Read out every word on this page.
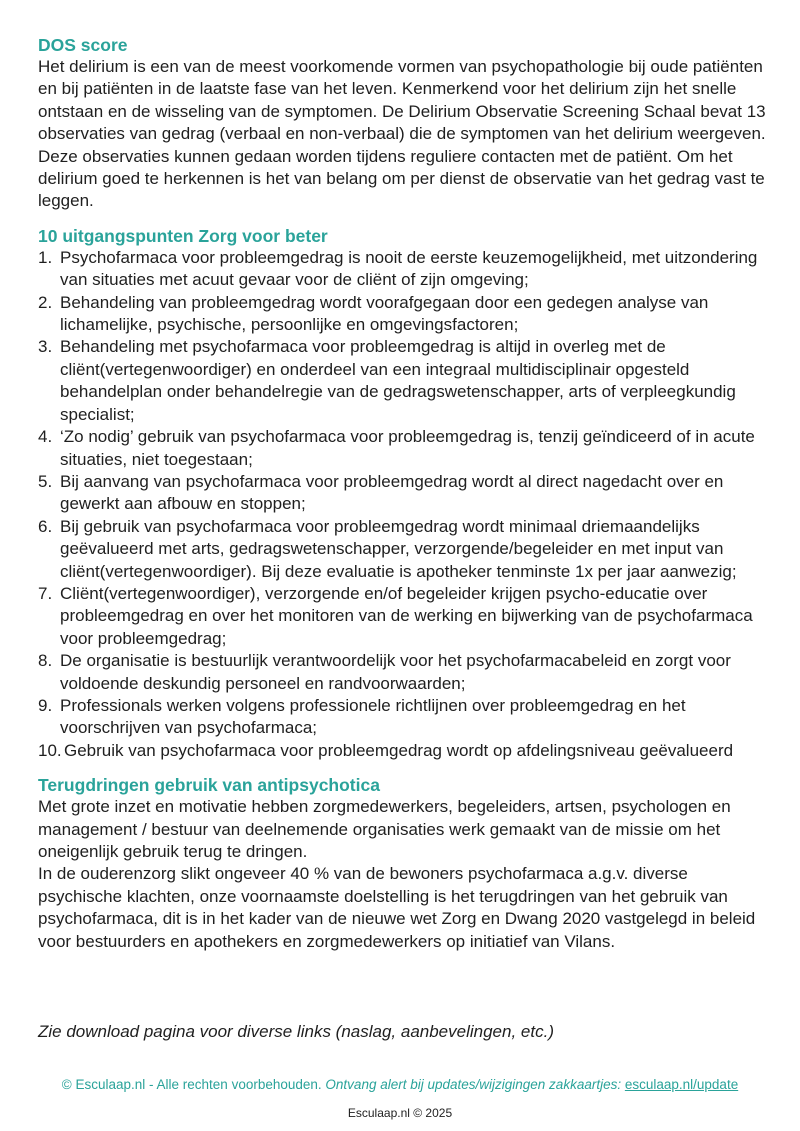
DOS score

Het delirium is een van de meest voorkomende vormen van psychopathologie bij oude patiënten en bij patiënten in de laatste fase van het leven. Kenmerkend voor het delirium zijn het snelle ontstaan en de wisseling van de symptomen. De Delirium Observatie Screening Schaal bevat 13 observaties van gedrag (verbaal en non-verbaal) die de symptomen van het delirium weergeven. Deze observaties kunnen gedaan worden tijdens reguliere contacten met de patiënt. Om het delirium goed te herkennen is het van belang om per dienst de observatie van het gedrag vast te leggen.

10 uitgangspunten Zorg voor beter
1. Psychofarmaca voor probleemgedrag is nooit de eerste keuzemogelijkheid, met uitzondering van situaties met acuut gevaar voor de cliënt of zijn omgeving;
2. Behandeling van probleemgedrag wordt voorafgegaan door een gedegen analyse van lichamelijke, psychische, persoonlijke en omgevingsfactoren;
3. Behandeling met psychofarmaca voor probleemgedrag is altijd in overleg met de cliënt(vertegenwoordiger) en onderdeel van een integraal multidisciplinair opgesteld behandelplan onder behandelregie van de gedragswetenschapper, arts of verpleegkundig specialist;
4. ‘Zo nodig’ gebruik van psychofarmaca voor probleemgedrag is, tenzij geïndiceerd of in acute situaties, niet toegestaan;
5. Bij aanvang van psychofarmaca voor probleemgedrag wordt al direct nagedacht over en gewerkt aan afbouw en stoppen;
6. Bij gebruik van psychofarmaca voor probleemgedrag wordt minimaal driemaandelijks geëvalueerd met arts, gedragswetenschapper, verzorgende/begeleider en met input van cliënt(vertegenwoordiger). Bij deze evaluatie is apotheker tenminste 1x per jaar aanwezig;
7. Cliënt(vertegenwoordiger), verzorgende en/of begeleider krijgen psycho-educatie over probleemgedrag en over het monitoren van de werking en bijwerking van de psychofarmaca voor probleemgedrag;
8. De organisatie is bestuurlijk verantwoordelijk voor het psychofarmacabeleid en zorgt voor voldoende deskundig personeel en randvoorwaarden;
9. Professionals werken volgens professionele richtlijnen over probleemgedrag en het voorschrijven van psychofarmaca;
10. Gebruik van psychofarmaca voor probleemgedrag wordt op afdelingsniveau geëvalueerd
Terugdringen gebruik van antipsychotica

Met grote inzet en motivatie hebben zorgmedewerkers, begeleiders, artsen, psychologen en management / bestuur van deelnemende organisaties werk gemaakt van de missie om het oneigenlijk gebruik terug te dringen.

In de ouderenzorg slikt ongeveer 40 % van de bewoners psychofarmaca a.g.v. diverse psychische klachten, onze voornaamste doelstelling is het terugdringen van het gebruik van psychofarmaca, dit is in het kader van de nieuwe wet Zorg en Dwang 2020 vastgelegd in beleid voor bestuurders en apothekers en zorgmedewerkers op initiatief van Vilans.

Zie download pagina voor diverse links (naslag, aanbevelingen, etc.)
© Esculaap.nl - Alle rechten voorbehouden. Ontvang alert bij updates/wijzigingen zakkaartjes: esculaap.nl/update
Esculaap.nl © 2025
